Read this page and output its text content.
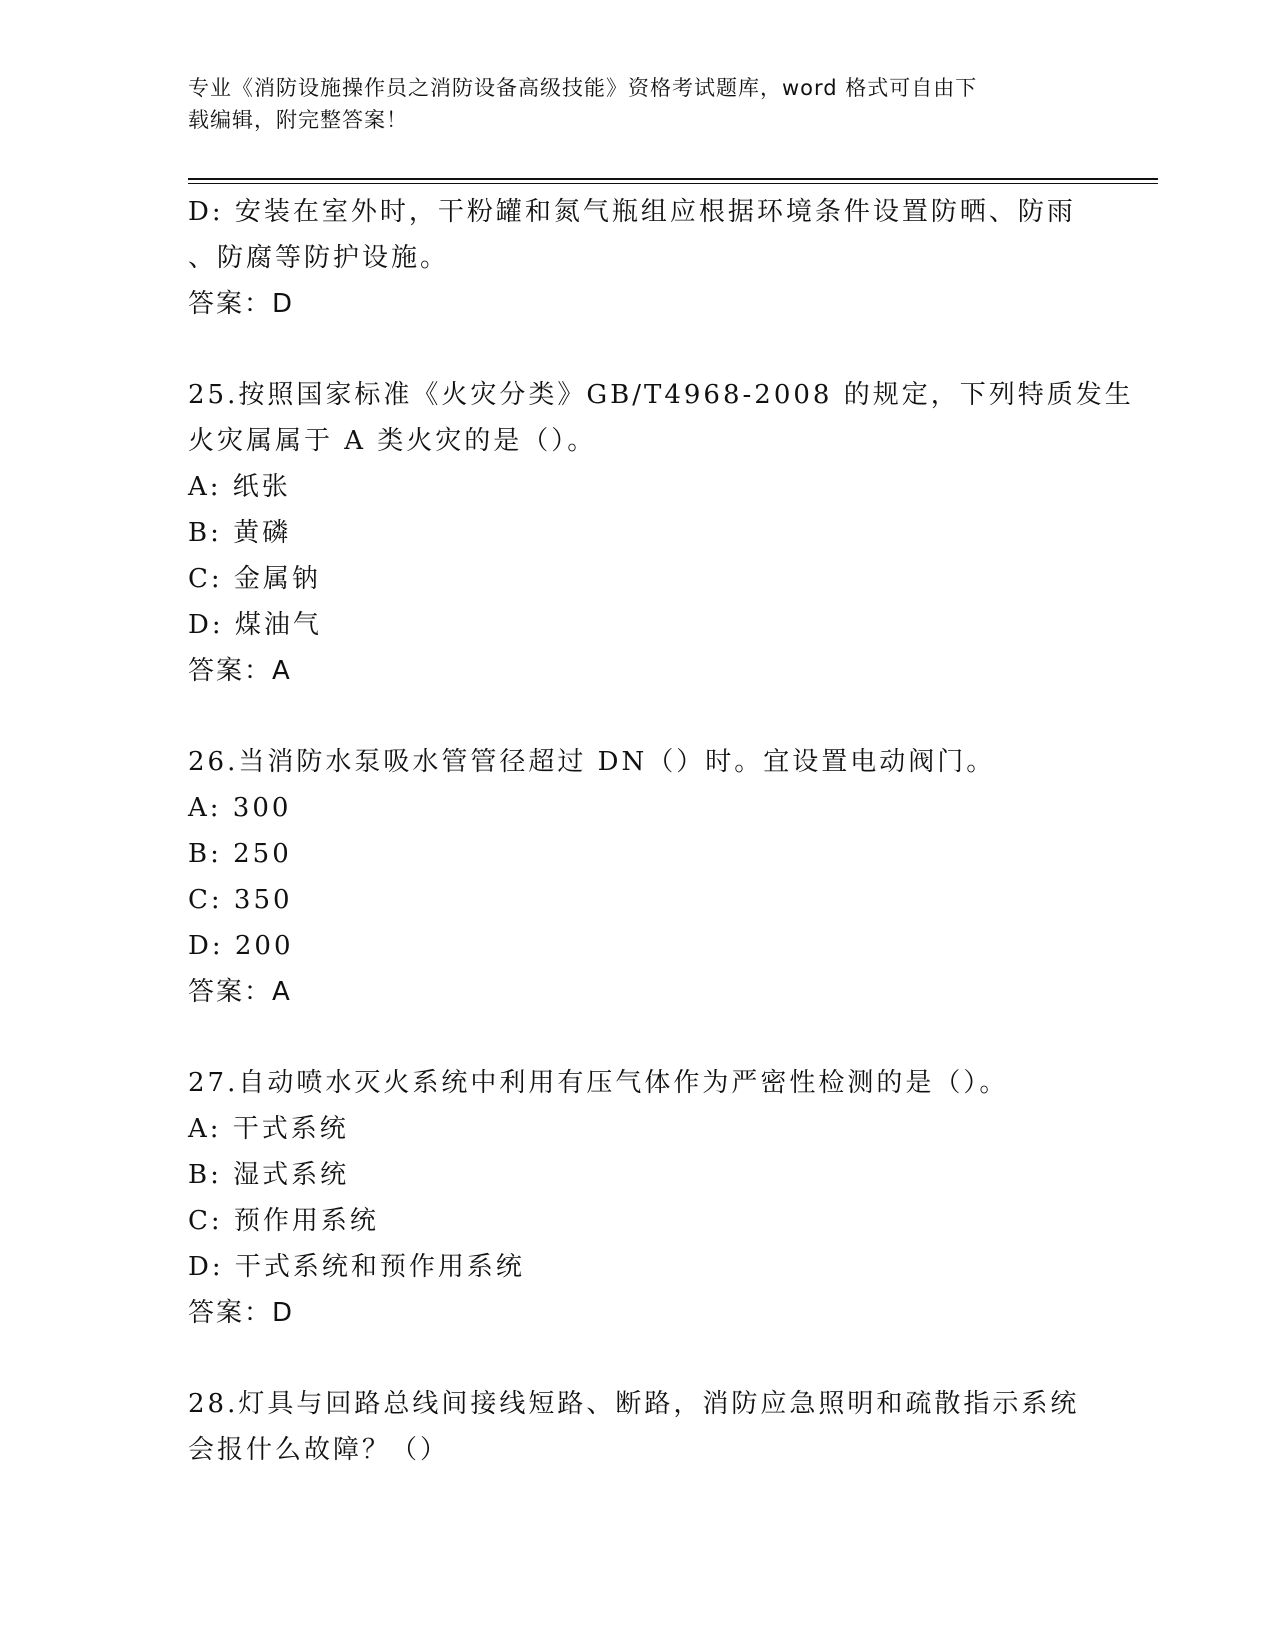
专业《消防设施操作员之消防设备高级技能》资格考试题库，word 格式可自由下
载编辑，附完整答案！
D: 安装在室外时，干粉罐和氮气瓶组应根据环境条件设置防晒、防雨
、防腐等防护设施。
答案：D
25.按照国家标准《火灾分类》GB/T4968-2008 的规定，下列特质发生
火灾属属于 A 类火灾的是（）。
A: 纸张
B: 黄磷
C: 金属钠
D: 煤油气
答案：A
26.当消防水泵吸水管管径超过 DN（）时。宜设置电动阀门。
A: 300
B: 250
C: 350
D: 200
答案：A
27.自动喷水灭火系统中利用有压气体作为严密性检测的是（）。
A: 干式系统
B: 湿式系统
C: 预作用系统
D: 干式系统和预作用系统
答案：D
28.灯具与回路总线间接线短路、断路，消防应急照明和疏散指示系统
会报什么故障？（）
